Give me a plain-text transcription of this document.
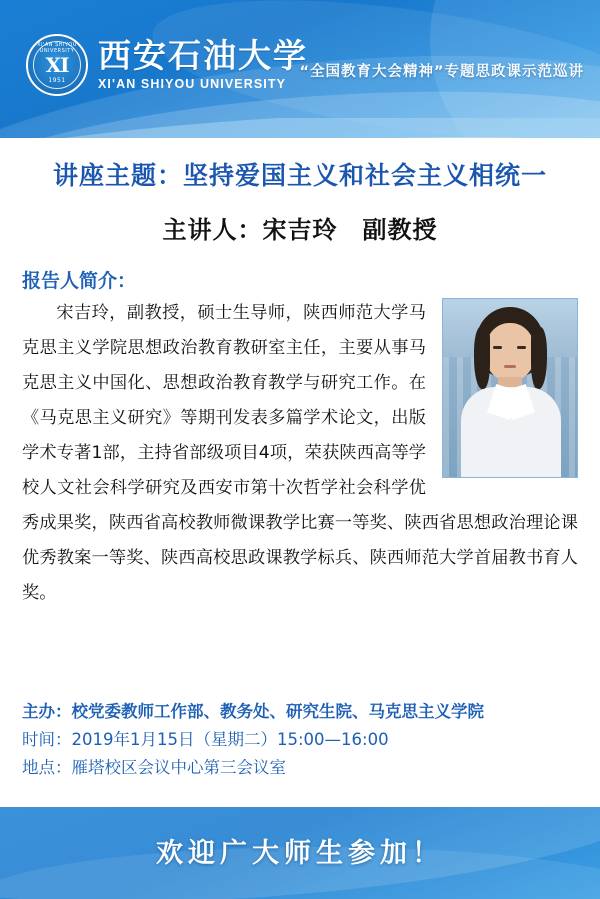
XI'AN SHIYOU UNIVERSITY
XI
1951
西安石油大学
XI'AN SHIYOU UNIVERSITY
“全国教育大会精神”专题思政课示范巡讲
讲座主题：坚持爱国主义和社会主义相统一
主讲人：宋吉玲　副教授
报告人简介：
宋吉玲，副教授，硕士生导师，陕西师范大学马克思主义学院思想政治教育教研室主任，主要从事马克思主义中国化、思想政治教育教学与研究工作。在《马克思主义研究》等期刊发表多篇学术论文，出版学术专著1部，主持省部级项目4项，荣获陕西高等学校人文社会科学研究及西安市第十次哲学社会科学优秀成果奖，陕西省高校教师微课教学比赛一等奖、陕西省思想政治理论课优秀教案一等奖、陕西高校思政课教学标兵、陕西师范大学首届教书育人奖。
主办：校党委教师工作部、教务处、研究生院、马克思主义学院
时间：2019年1月15日（星期二）15:00—16:00
地点：雁塔校区会议中心第三会议室
欢迎广大师生参加！
